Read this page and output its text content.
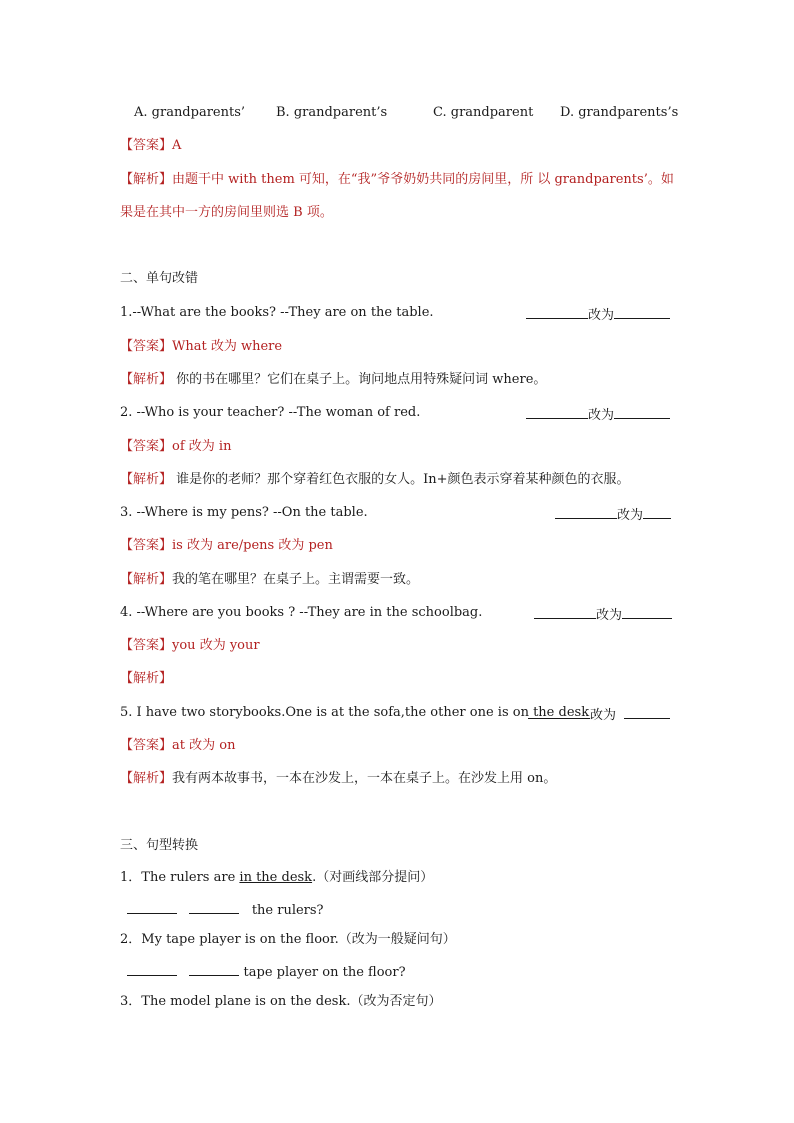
A. grandparents’ B. grandparent’s	C. grandparent D. grandparents’s
【答案】A
【解析】由题干中 with them 可知，在“我”爷爷奶奶共同的房间里，所 以 grandparents’。如
果是在其中一方的房间里则选 B 项。
二、单句改错
1.--What are the books? --They are on the table.	改为
【答案】What 改为 where
【解析】 你的书在哪里？它们在桌子上。询问地点用特殊疑问词 where。
2. --Who is your teacher? --The woman of red.	改为
【答案】of 改为 in
【解析】 谁是你的老师？那个穿着红色衣服的女人。In+颜色表示穿着某种颜色的衣服。
3. --Where is my pens? --On the table.	改为
【答案】is 改为 are/pens 改为 pen
【解析】我的笔在哪里？在桌子上。主谓需要一致。
4. --Where are you books ? --They are in the schoolbag.	改为
【答案】you 改为 your
【解析】
5. I have two storybooks.One is at the sofa,the other one is on the desk .
改为
【答案】at 改为 on
【解析】我有两本故事书，一本在沙发上，一本在桌子上。在沙发上用 on。
三、句型转换
1．The rulers are in the desk.（对画线部分提问）
the rulers?
2．My tape player is on the floor.（改为一般疑问句）
tape player on the floor?
3．The model plane is on the desk.（改为否定句）
